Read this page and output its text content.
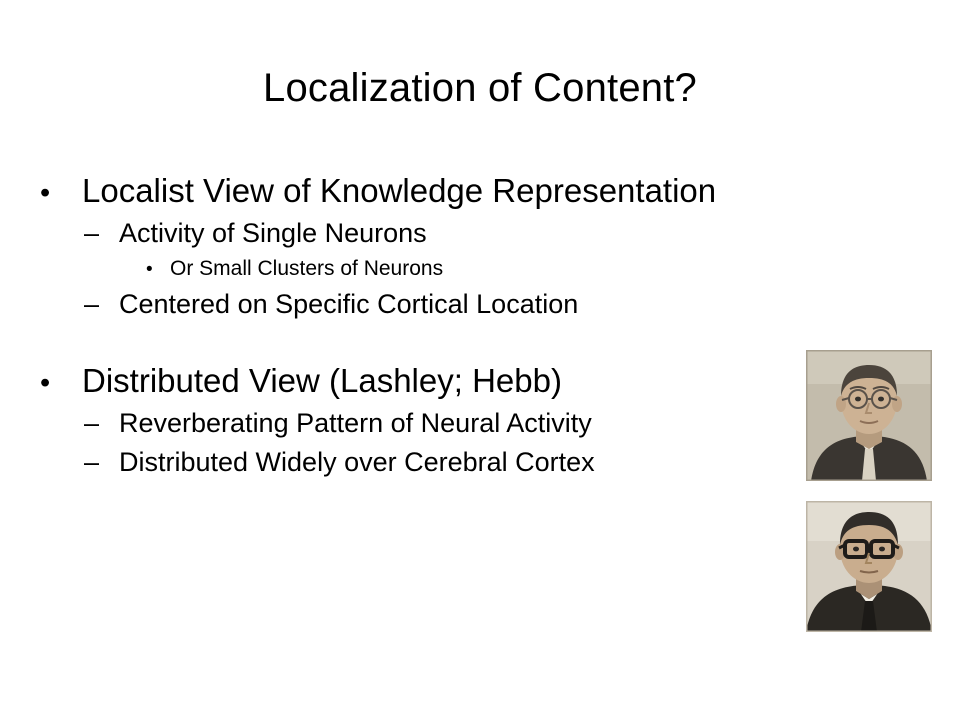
Localization of Content?
• Localist View of Knowledge Representation
– Activity of Single Neurons
• Or Small Clusters of Neurons
– Centered on Specific Cortical Location
• Distributed View (Lashley; Hebb)
– Reverberating Pattern of Neural Activity
– Distributed Widely over Cerebral Cortex
